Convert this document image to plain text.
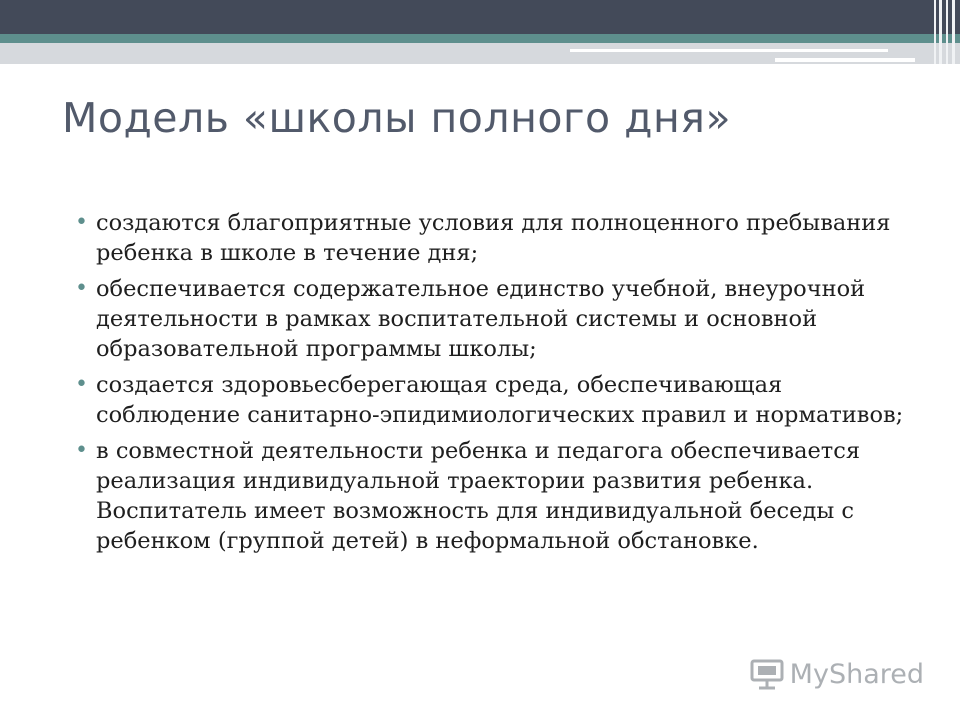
Модель «школы полного дня»
• создаются благоприятные условия для полноценного пребывания ребенка в школе в течение дня;
• обеспечивается содержательное единство учебной, внеурочной деятельности в рамках воспитательной системы и основной образовательной программы школы;
• создается здоровьесберегающая среда, обеспечивающая соблюдение санитарно-эпидимиологических правил и нормативов;
• в совместной деятельности ребенка и педагога обеспечивается реализация индивидуальной траектории развития ребенка. Воспитатель имеет возможность для индивидуальной беседы с ребенком (группой детей) в неформальной обстановке.
MyShared
